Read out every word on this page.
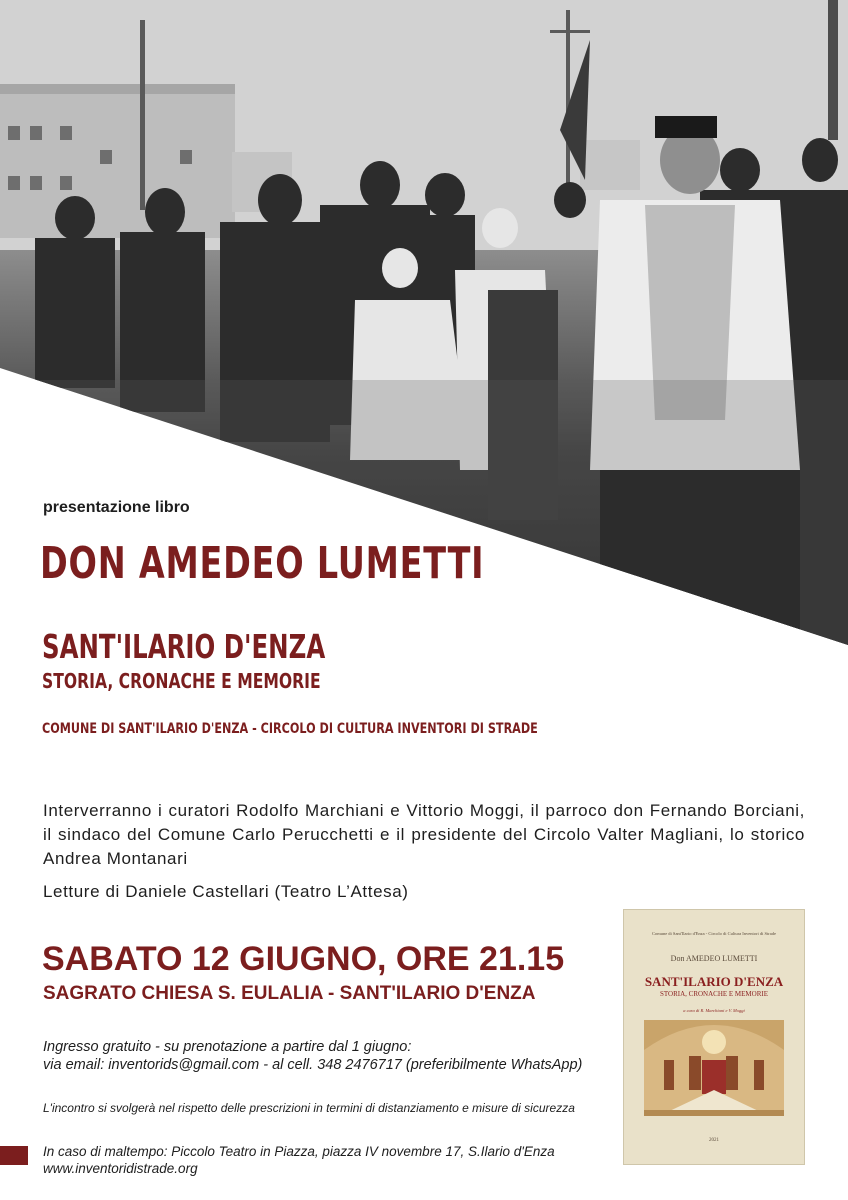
presentazione libro
DON AMEDEO LUMETTI
SANT'ILARIO D'ENZA
STORIA, CRONACHE E MEMORIE
COMUNE DI SANT'ILARIO D'ENZA - CIRCOLO DI CULTURA INVENTORI DI STRADE
Interverranno i curatori Rodolfo Marchiani e Vittorio Moggi, il parroco don Fernando Borciani, il sindaco del Comune Carlo Perucchetti e il presidente del Circolo Valter Magliani, lo storico Andrea Montanari
Letture di Daniele Castellari (Teatro L’Attesa)
SABATO 12 GIUGNO, ORE 21.15
SAGRATO CHIESA S. EULALIA - SANT'ILARIO D'ENZA
Ingresso gratuito - su prenotazione a partire dal 1 giugno:
via email: inventorids@gmail.com - al cell. 348 2476717 (preferibilmente WhatsApp)
L'incontro si svolgerà nel rispetto delle prescrizioni in termini di distanziamento e misure di sicurezza
In caso di maltempo: Piccolo Teatro in Piazza, piazza IV novembre 17, S.Ilario d'Enza
www.inventoridistrade.org
Comune di Sant'Ilario d'Enza - Circolo di Cultura Inventori di Strade
Don AMEDEO LUMETTI
SANT'ILARIO D'ENZA
STORIA, CRONACHE E MEMORIE
a cura di R. Marchiani e V. Moggi
2021
